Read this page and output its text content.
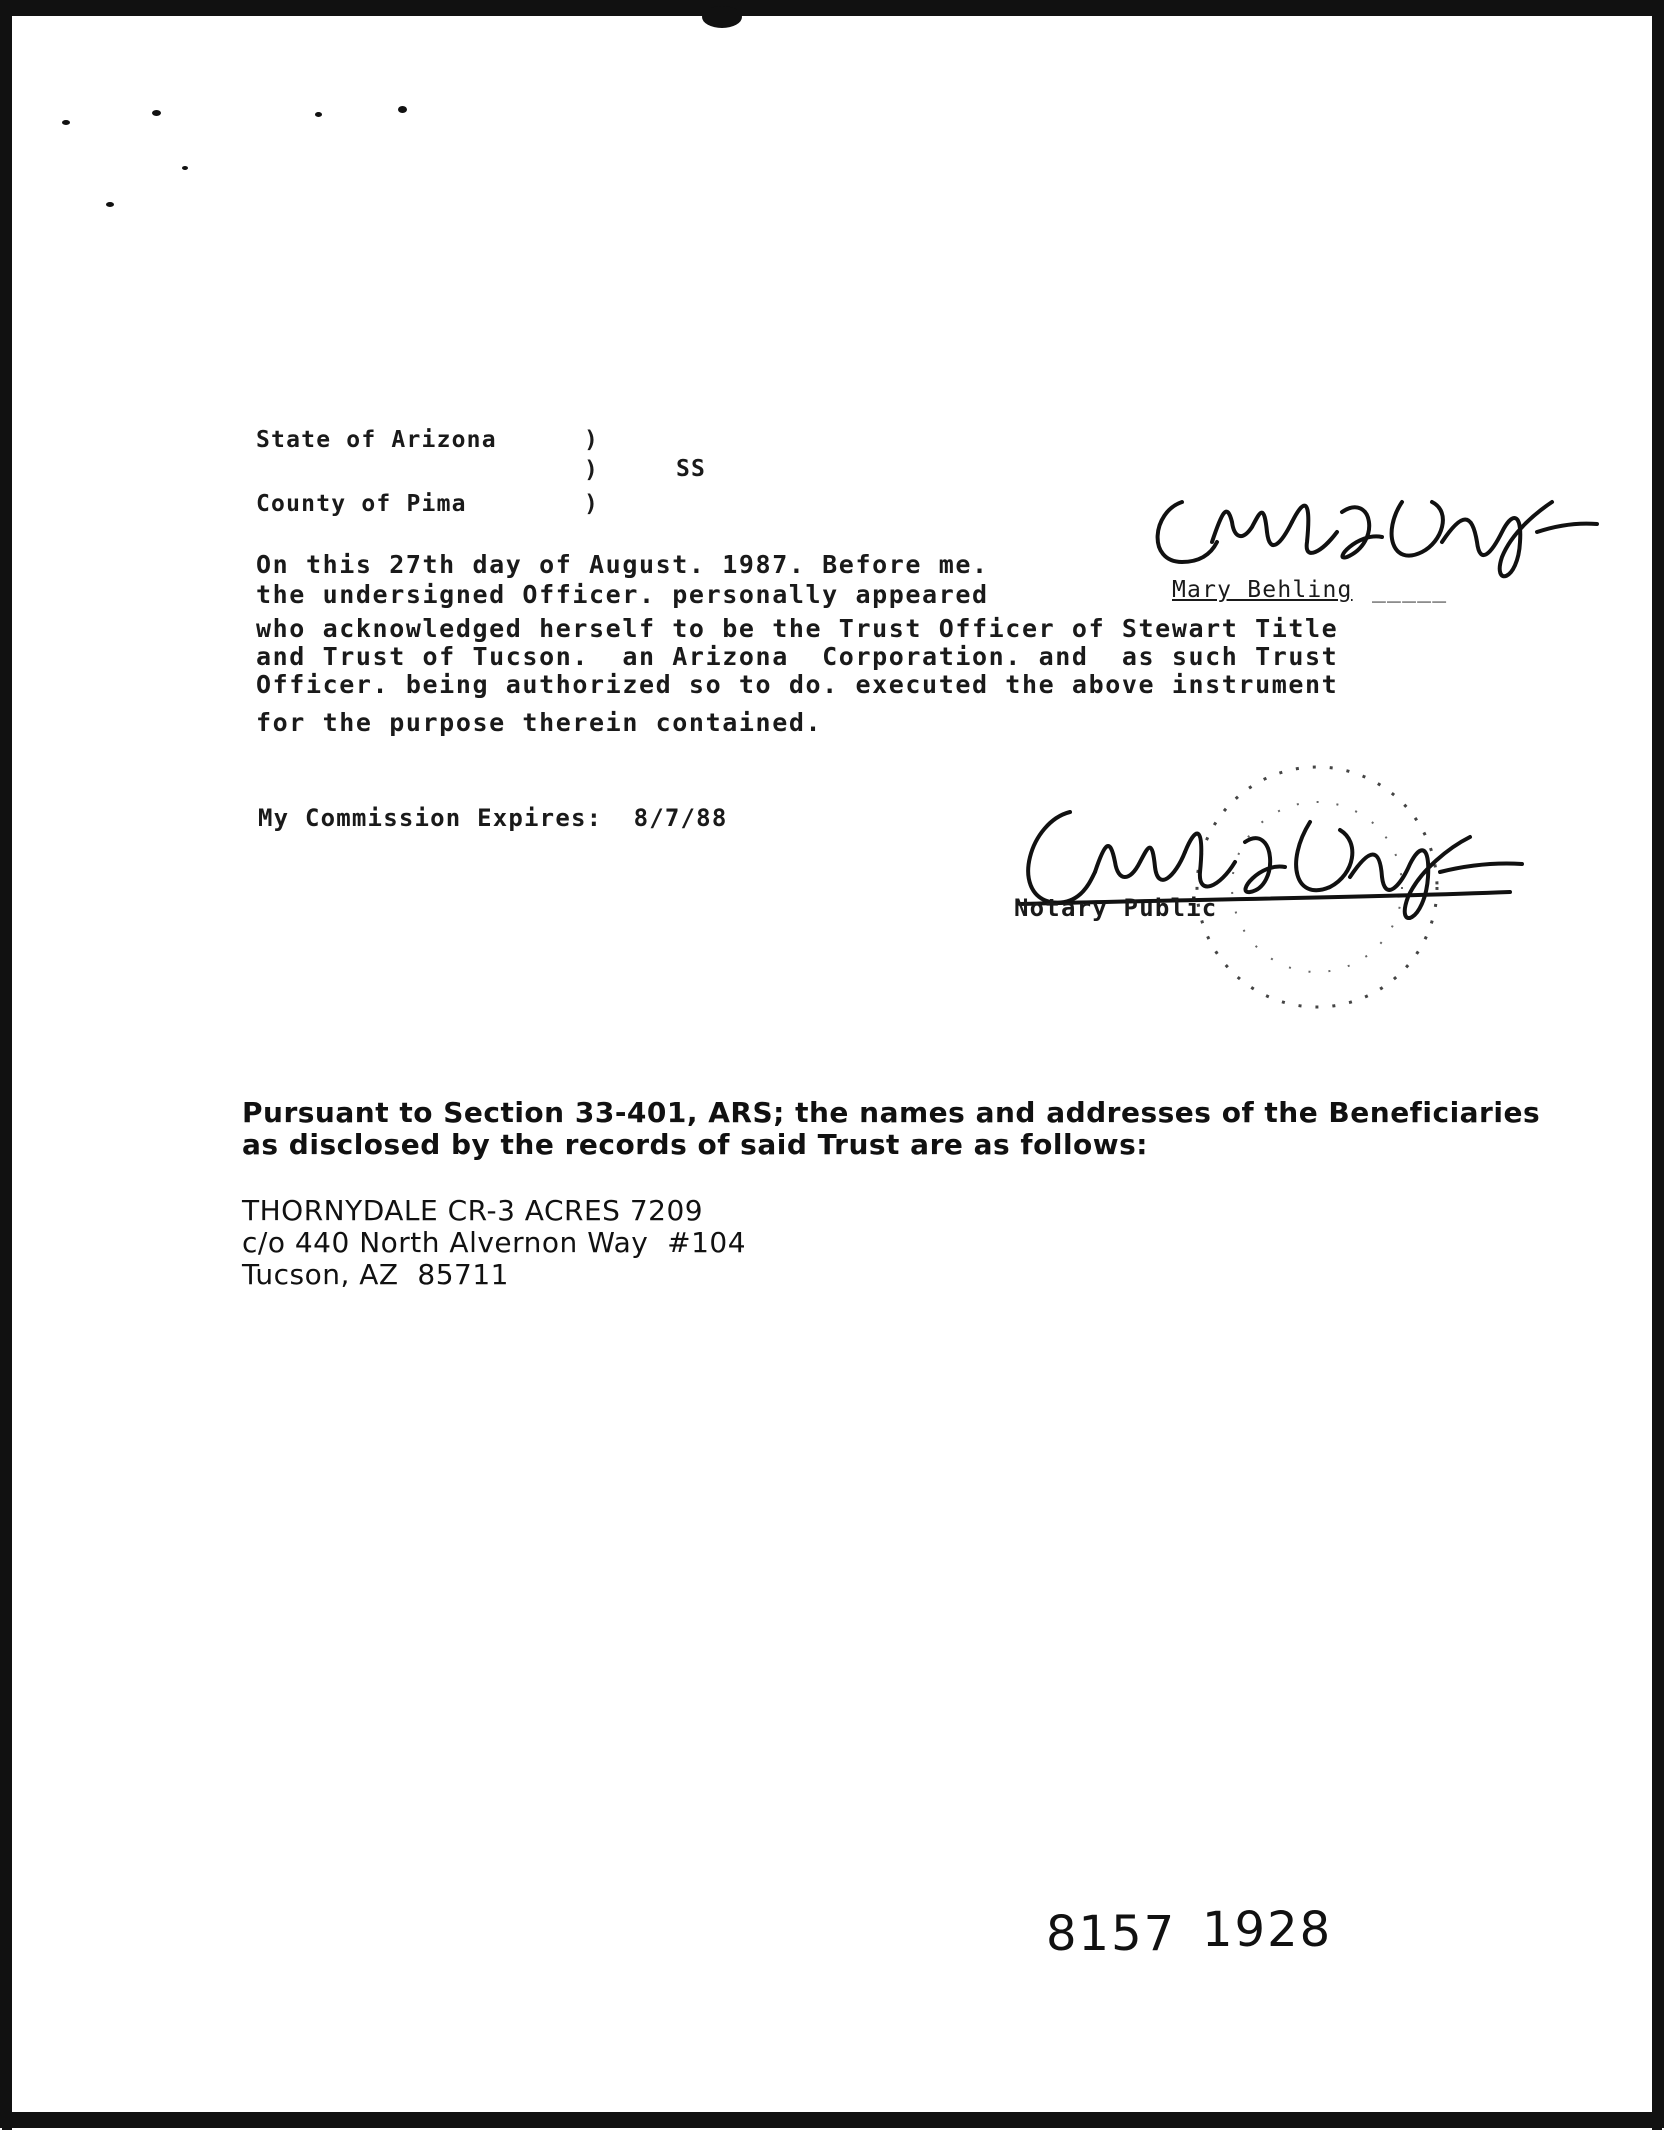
State of Arizona	)
)	SS
County of Pima	)
On this 27th day of August. 1987. Before me.
the undersigned Officer. personally appeared
who acknowledged herself to be the Trust Officer of Stewart Title
and Trust of Tucson.  an Arizona  Corporation. and  as such Trust
Officer. being authorized so to do. executed the above instrument
for the purpose therein contained.
Mary Behling _____
My Commission Expires:  8/7/88
Notary Public
Pursuant to Section 33-401, ARS; the names and addresses of the Beneficiaries
as disclosed by the records of said Trust are as follows:
THORNYDALE CR-3 ACRES 7209
c/o 440 North Alvernon Way  #104
Tucson, AZ  85711
8157 1928
